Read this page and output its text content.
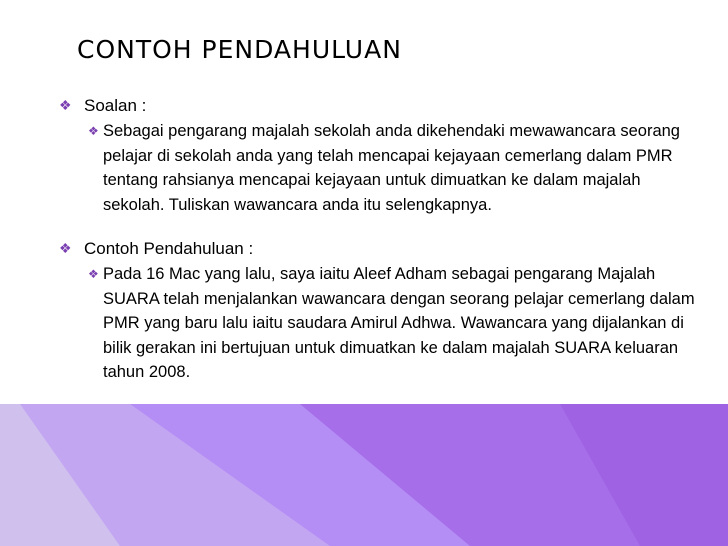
CONTOH PENDAHULUAN
❖ Soalan :
❖ Sebagai pengarang majalah sekolah anda dikehendaki mewawancara seorang pelajar di sekolah anda yang telah mencapai kejayaan cemerlang dalam PMR tentang rahsianya mencapai kejayaan untuk dimuatkan ke dalam majalah sekolah. Tuliskan wawancara anda itu selengkapnya.
❖ Contoh Pendahuluan :
❖ Pada 16 Mac yang lalu, saya iaitu Aleef Adham sebagai pengarang Majalah SUARA telah menjalankan wawancara dengan seorang pelajar cemerlang dalam PMR yang baru lalu iaitu saudara Amirul Adhwa. Wawancara yang dijalankan di bilik gerakan ini bertujuan untuk dimuatkan ke dalam majalah SUARA keluaran tahun 2008.
